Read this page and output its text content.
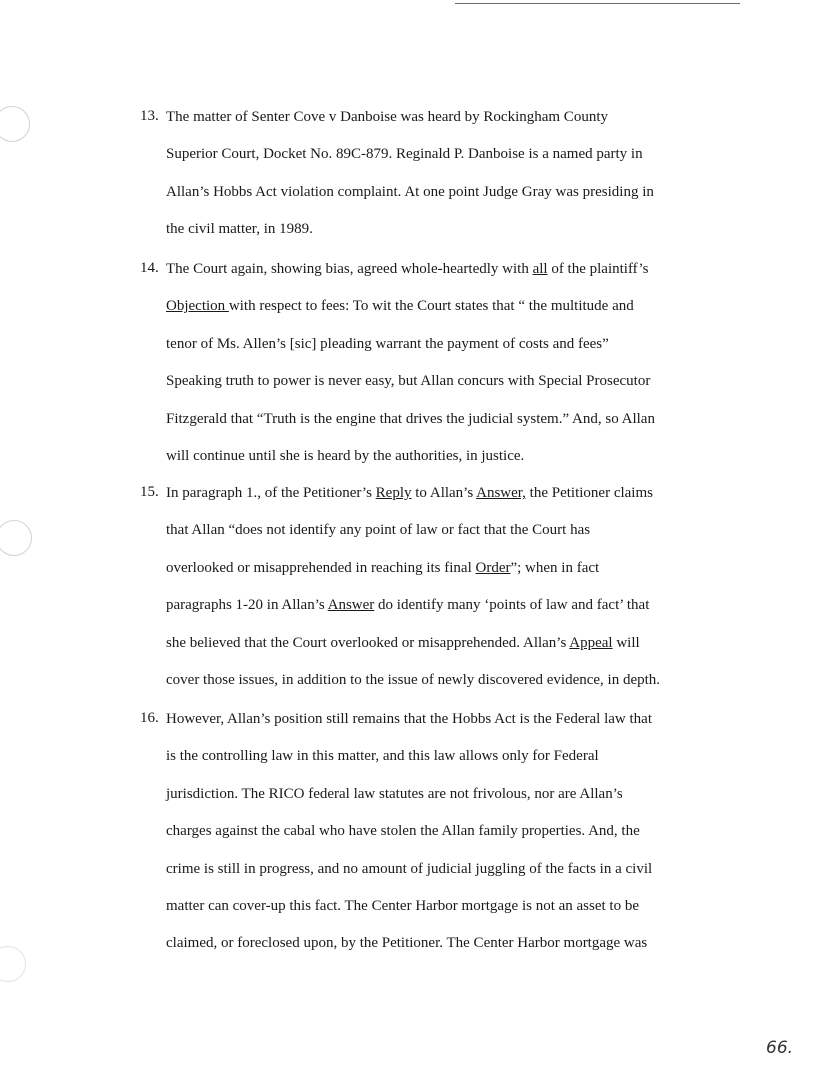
13. The matter of Senter Cove v Danboise was heard by Rockingham County
Superior Court, Docket No. 89C-879. Reginald P. Danboise is a named party in
Allan’s Hobbs Act violation complaint. At one point Judge Gray was presiding in
the civil matter, in 1989.
14. The Court again, showing bias, agreed whole-heartedly with all of the plaintiff’s
Objection with respect to fees: To wit the Court states that “ the multitude and
tenor of Ms. Allen’s [sic] pleading warrant the payment of costs and fees”
Speaking truth to power is never easy, but Allan concurs with Special Prosecutor
Fitzgerald that “Truth is the engine that drives the judicial system.” And, so Allan
will continue until she is heard by the authorities, in justice.
15. In paragraph 1., of the Petitioner’s Reply to Allan’s Answer, the Petitioner claims
that Allan “does not identify any point of law or fact that the Court has
overlooked or misapprehended in reaching its final Order”; when in fact
paragraphs 1-20 in Allan’s Answer do identify many ‘points of law and fact’ that
she believed that the Court overlooked or misapprehended. Allan’s Appeal will
cover those issues, in addition to the issue of newly discovered evidence, in depth.
16. However, Allan’s position still remains that the Hobbs Act is the Federal law that
is the controlling law in this matter, and this law allows only for Federal
jurisdiction. The RICO federal law statutes are not frivolous, nor are Allan’s
charges against the cabal who have stolen the Allan family properties. And, the
crime is still in progress, and no amount of judicial juggling of the facts in a civil
matter can cover-up this fact. The Center Harbor mortgage is not an asset to be
claimed, or foreclosed upon, by the Petitioner. The Center Harbor mortgage was
66.
